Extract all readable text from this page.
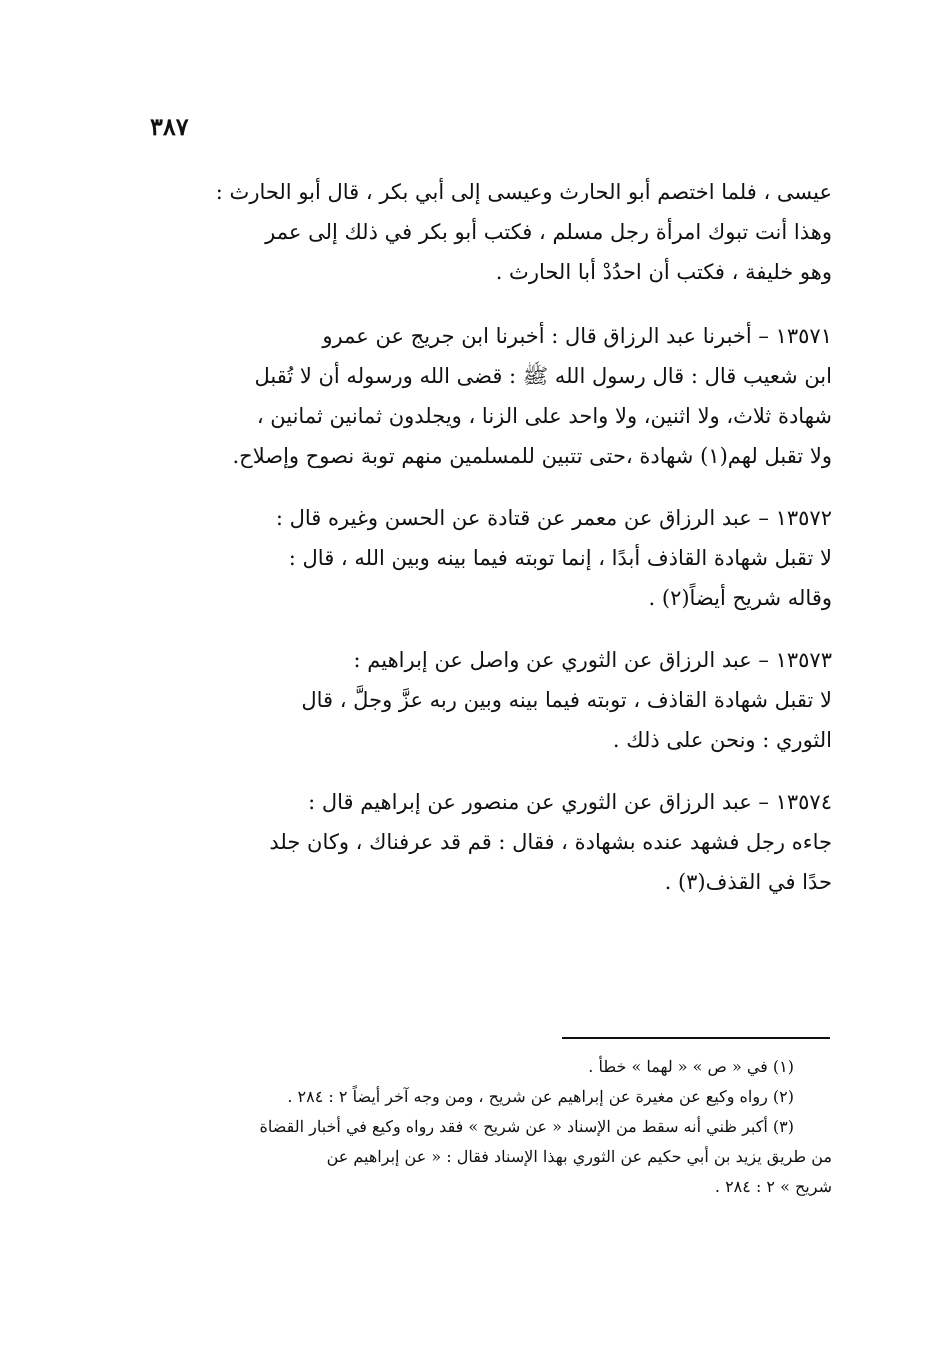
٣٨٧
عيسى ، فلما اختصم أبو الحارث وعيسى إلى أبي بكر ، قال أبو الحارث :
وهذا أنت تبوك امرأة رجل مسلم ، فكتب أبو بكر في ذلك إلى عمر
وهو خليفة ، فكتب أن احدُدْ أبا الحارث .
١٣٥٧١ – أخبرنا عبد الرزاق قال : أخبرنا ابن جريج عن عمرو
ابن شعيب قال : قال رسول الله ﷺ : قضى الله ورسوله أن لا تُقبل
شهادة ثلاث، ولا اثنين، ولا واحد على الزنا ، ويجلدون ثمانين ثمانين ،
ولا تقبل لهم(١) شهادة ،حتى تتبين للمسلمين منهم توبة نصوح وإصلاح.
١٣٥٧٢ – عبد الرزاق عن معمر عن قتادة عن الحسن وغيره قال :
لا تقبل شهادة القاذف أبدًا ، إنما توبته فيما بينه وبين الله ، قال :
وقاله شريح أيضاً(٢) .
١٣٥٧٣ – عبد الرزاق عن الثوري عن واصل عن إبراهيم :
لا تقبل شهادة القاذف ، توبته فيما بينه وبين ربه عزَّ وجلَّ ، قال
الثوري : ونحن على ذلك .
١٣٥٧٤ – عبد الرزاق عن الثوري عن منصور عن إبراهيم قال :
جاءه رجل فشهد عنده بشهادة ، فقال : قم قد عرفناك ، وكان جلد
حدًا في القذف(٣) .
(١) في « ص » « لهما » خطأ .
(٢) رواه وكيع عن مغيرة عن إبراهيم عن شريح ، ومن وجه آخر أيضاً ٢ : ٢٨٤ .
(٣) أكبر ظني أنه سقط من الإسناد « عن شريح » فقد رواه وكيع في أخبار القضاة
من طريق يزيد بن أبي حكيم عن الثوري بهذا الإسناد فقال : « عن إبراهيم عن
شريح » ٢ : ٢٨٤ .
